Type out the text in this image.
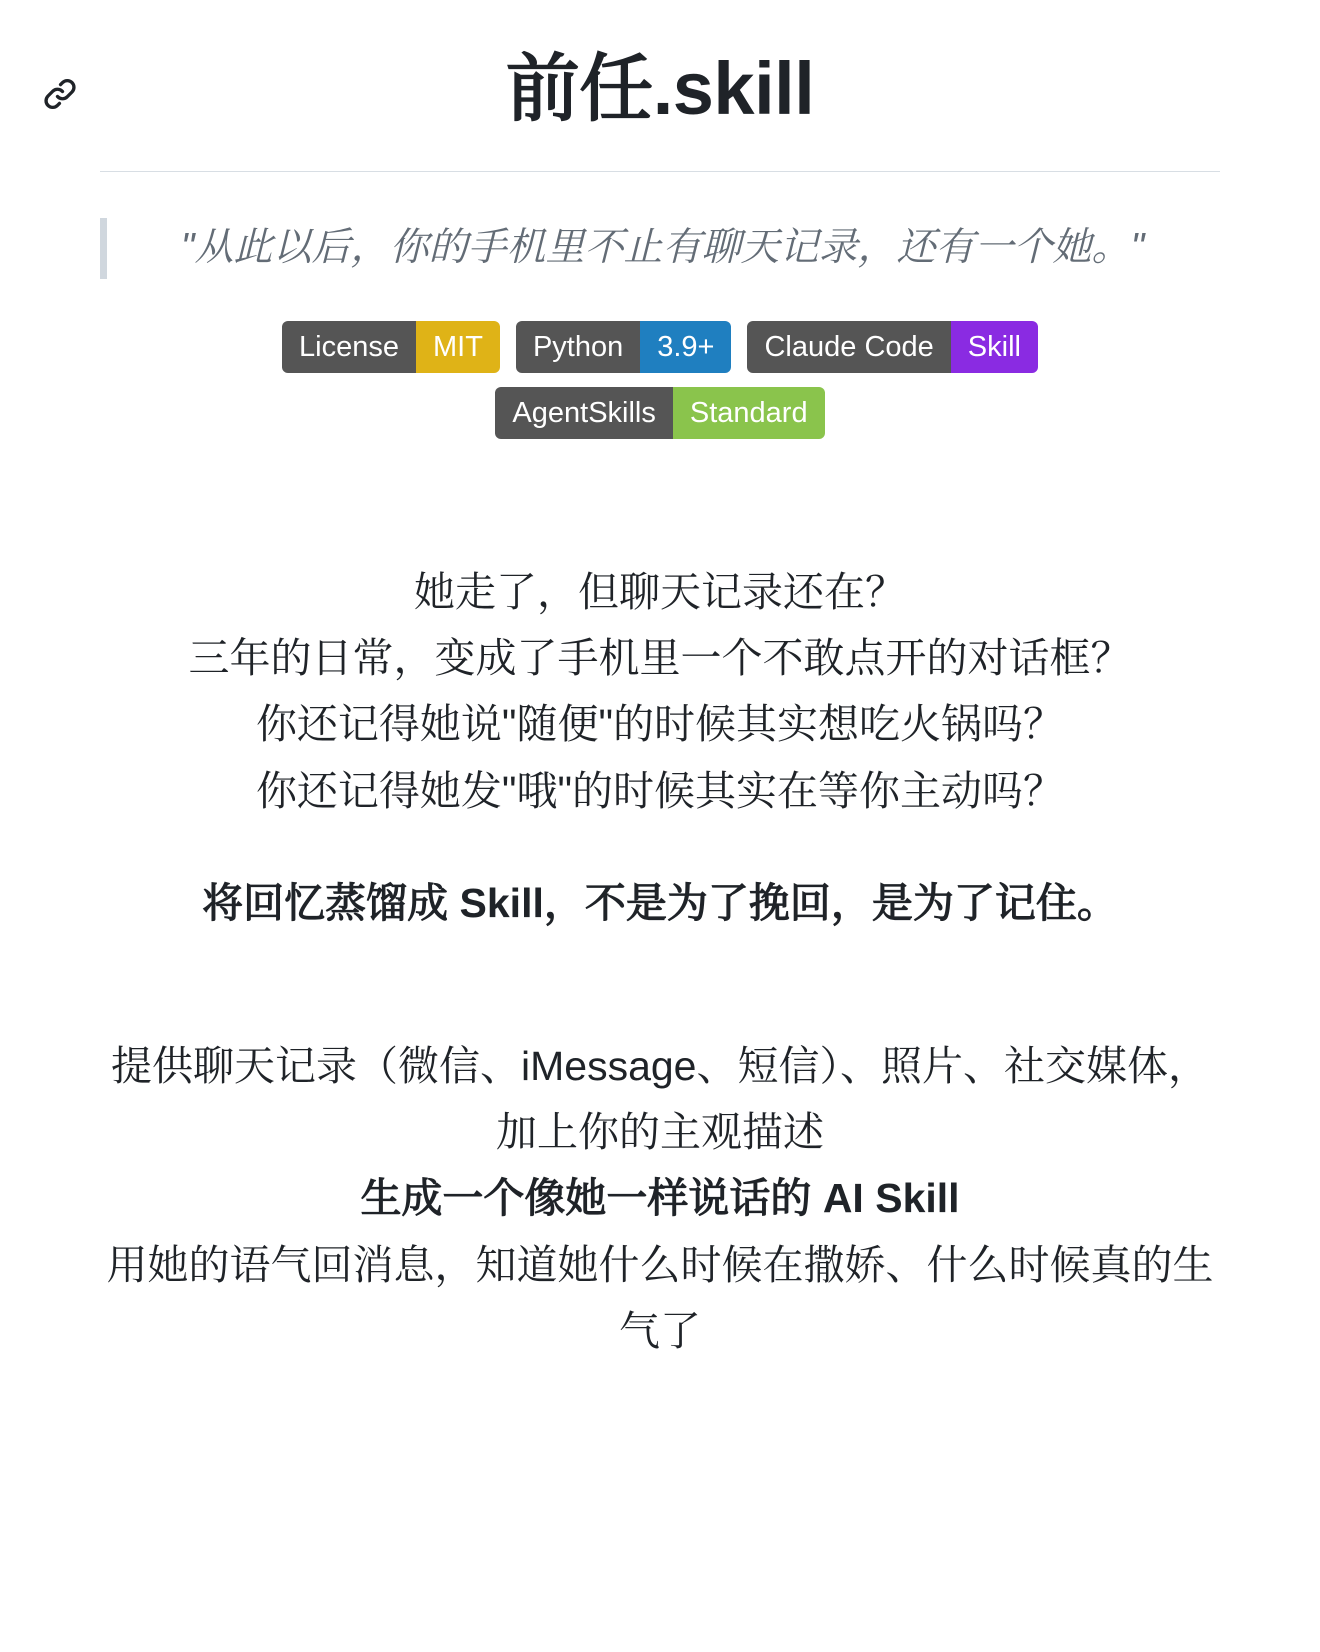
前任.skill

"从此以后，你的手机里不止有聊天记录，还有一个她。"

License	MIT	Python	3.9+	Claude Code	Skill
AgentSkills	Standard

她走了，但聊天记录还在？

三年的日常，变成了手机里一个不敢点开的对话框？

你还记得她说"随便"的时候其实想吃火锅吗？

你还记得她发"哦"的时候其实在等你主动吗？

将回忆蒸馏成 Skill，不是为了挽回，是为了记住。

提供聊天记录（微信、iMessage、短信）、照片、社交媒体，加上你的主观描述

生成一个像她一样说话的 AI Skill

用她的语气回消息，知道她什么时候在撒娇、什么时候真的生气了
